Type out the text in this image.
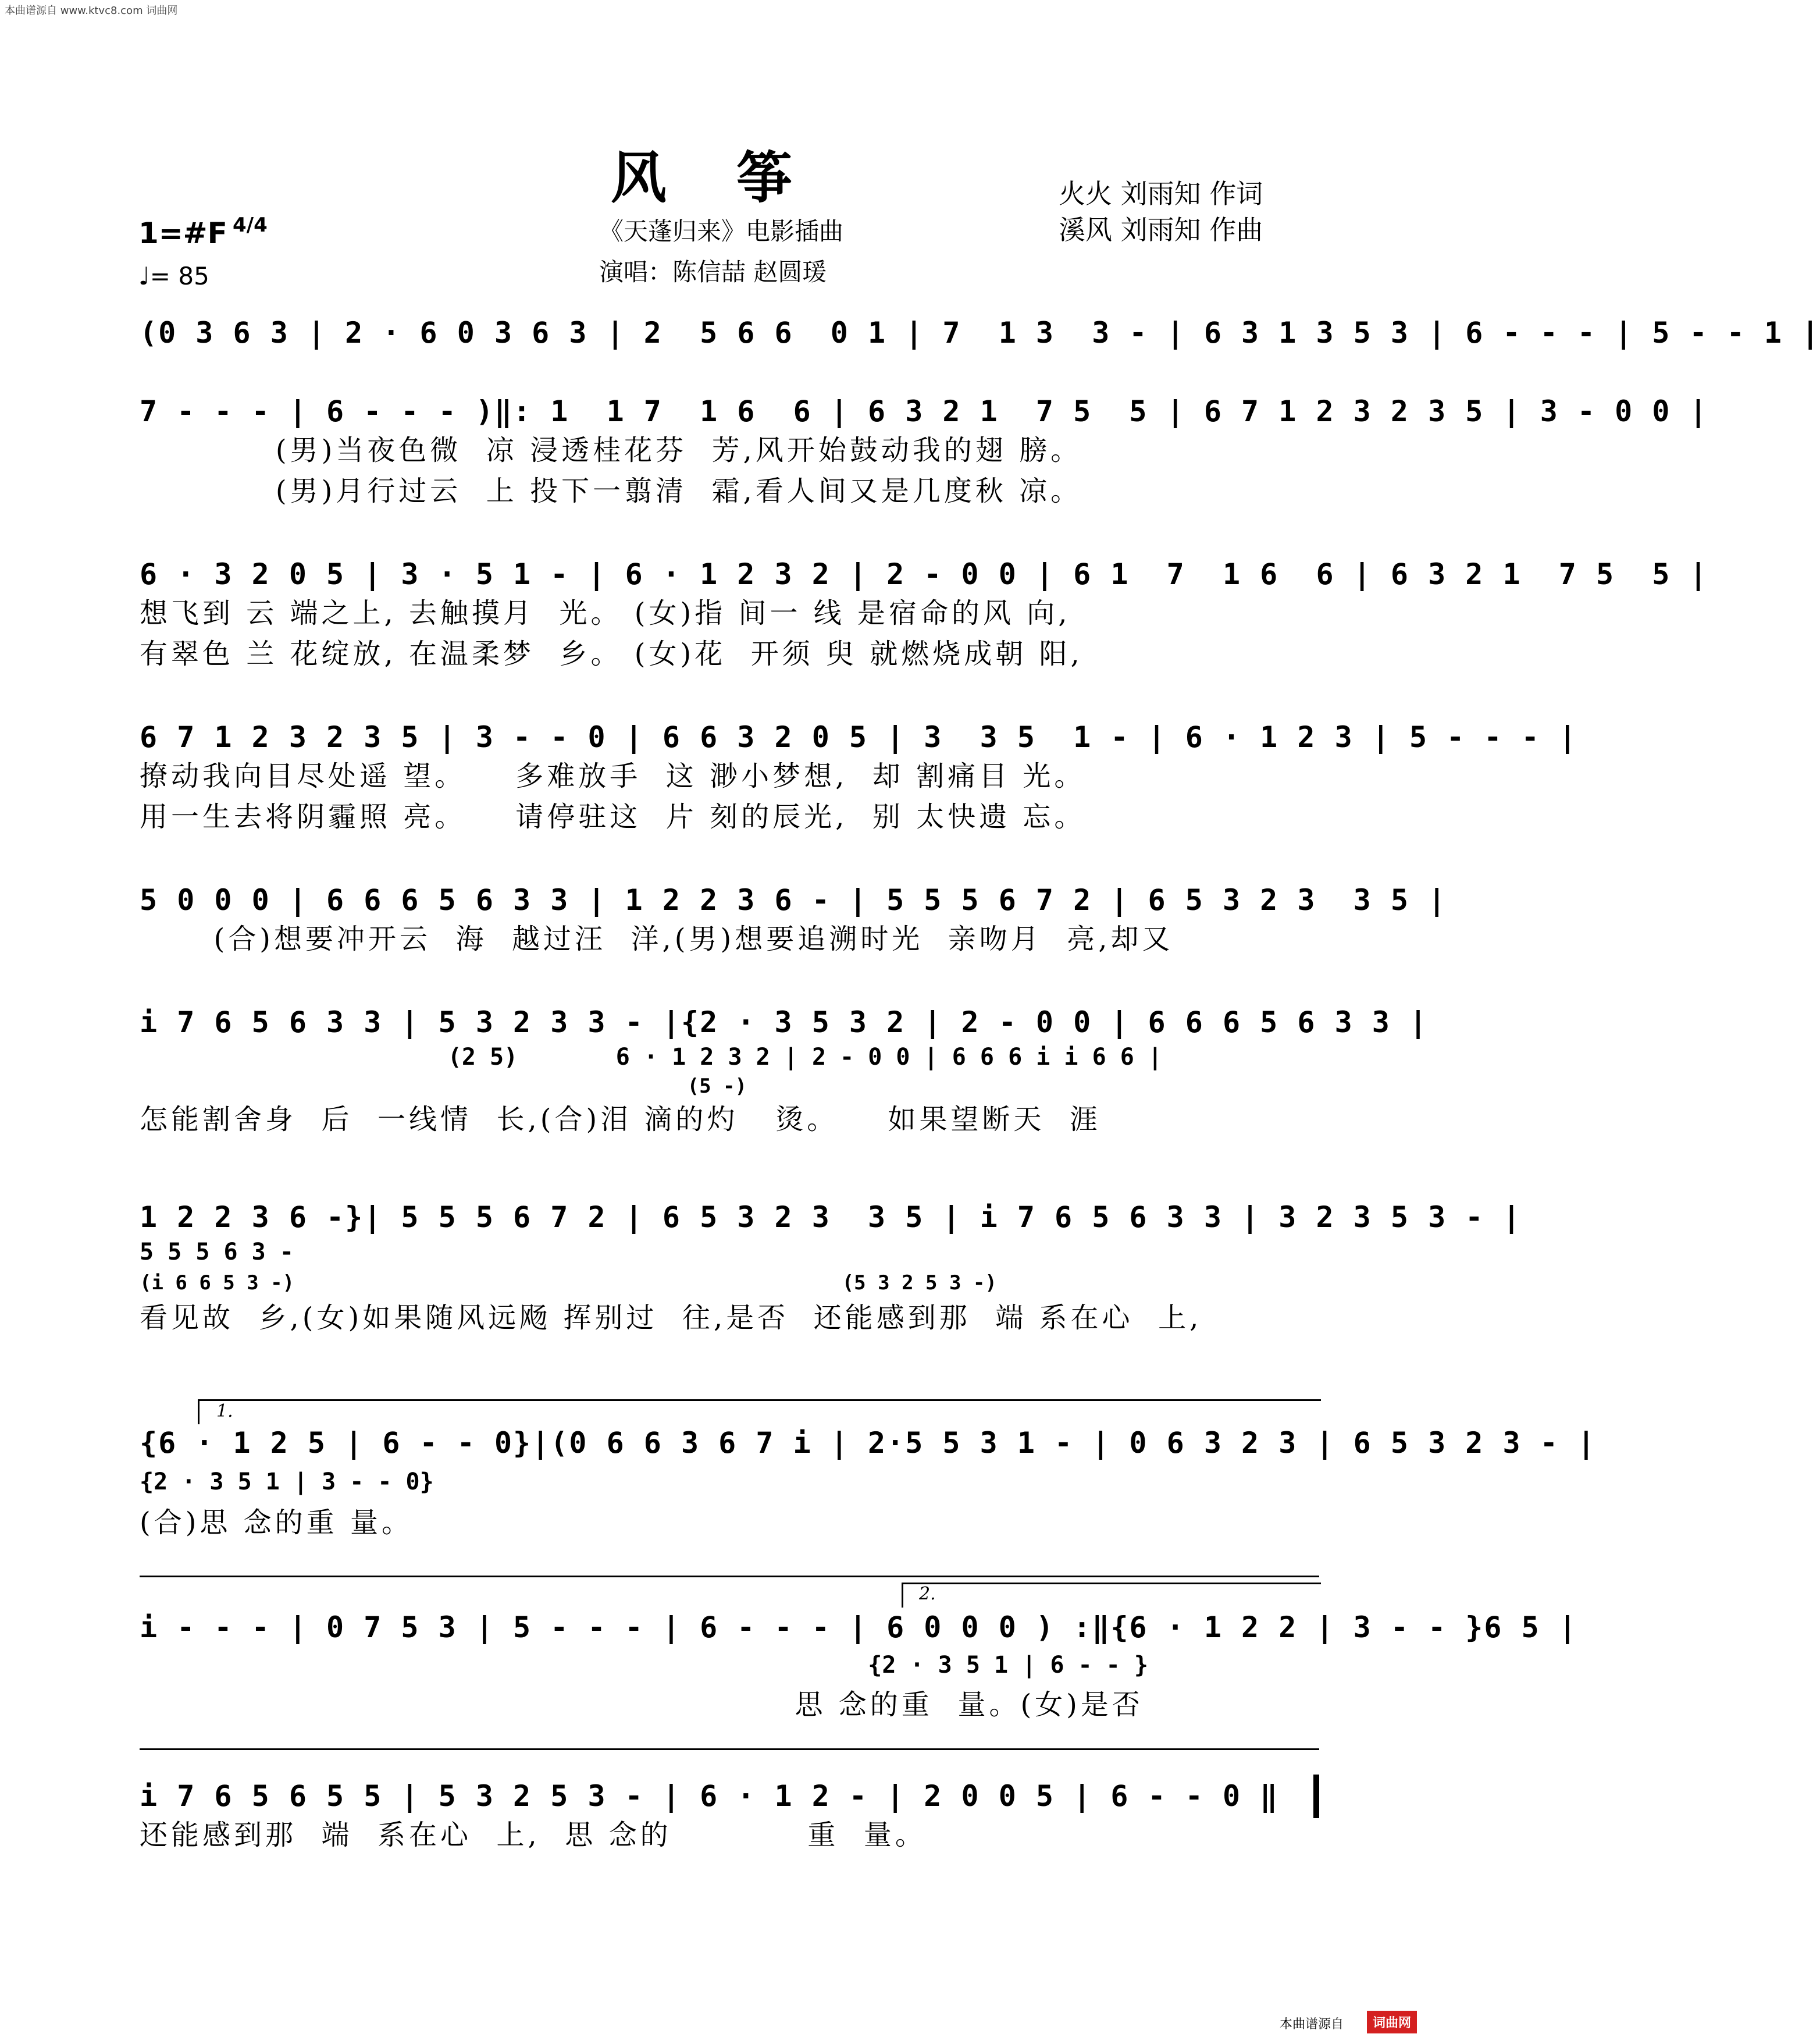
本曲谱源自 www.ktvc8.com 词曲网
风筝	火火 刘雨知 作词
溪风 刘雨知 作曲
《天蓬归来》电影插曲
演唱：陈信喆 赵圆瑗
1=#F 4/4
♩= 85
(0 3 6 3 | 2 · 6 0 3 6 3 | 2  5 6 6  0 1 | 7  1 3  3 - | 6 3 1 3 5 3 | 6 - - - | 5 - - 1 |
7 - - - | 6 - - - )‖: 1  1 7  1 6  6 | 6 3 2 1  7 5  5 | 6 7 1 2 3 2 3 5 | 3 - 0 0 |
(男)当夜色微  凉 浸透桂花芬  芳,风开始鼓动我的翅 膀。
(男)月行过云  上 投下一翦清  霜,看人间又是几度秋 凉。
6 · 3 2 0 5 | 3 · 5 1 - | 6 · 1 2 3 2 | 2 - 0 0 | 6 1  7  1 6  6 | 6 3 2 1  7 5  5 |
想飞到 云 端之上, 去触摸月  光。 (女)指 间一 线 是宿命的风 向,
有翠色 兰 花绽放, 在温柔梦  乡。 (女)花  开须 臾 就燃烧成朝 阳,
6 7 1 2 3 2 3 5 | 3 - - 0 | 6 6 3 2 0 5 | 3  3 5  1 - | 6 · 1 2 3 | 5 - - - |
撩动我向目尽处遥 望。    多难放手  这 渺小梦想,  却 割痛目 光。
用一生去将阴霾照 亮。    请停驻这  片 刻的辰光,  别 太快遗 忘。
5 0 0 0 | 6 6 6 5 6 3 3 | 1 2 2 3 6 - | 5 5 5 6 7 2 | 6 5 3 2 3  3 5 |
(合)想要冲开云  海  越过汪  洋,(男)想要追溯时光  亲吻月  亮,却又
i 7 6 5 6 3 3 | 5 3 2 3 3 - |{2 · 3 5 3 2 | 2 - 0 0 | 6 6 6 5 6 3 3 |
(2 5)       6 · 1 2 3 2 | 2 - 0 0 | 6 6 6 i i 6 6 |
(5 -)
怎能割舍身  后  一线情  长,(合)泪 滴的灼   烫。    如果望断天  涯
1 2 2 3 6 -}| 5 5 5 6 7 2 | 6 5 3 2 3  3 5 | i 7 6 5 6 3 3 | 3 2 3 5 3 - |
5 5 5 6 3 -
(i 6 6 5 3 -)                                              (5 3 2 5 3 -)
看见故  乡,(女)如果随风远飏 挥别过  往,是否  还能感到那  端 系在心  上,
1.
{6 · 1 2 5 | 6 - - 0}|(0 6 6 3 6 7 i | 2·5 5 3 1 - | 0 6 3 2 3 | 6 5 3 2 3 - |
{2 · 3 5 1 | 3 - - 0}
(合)思 念的重 量。
2.
i - - - | 0 7 5 3 | 5 - - - | 6 - - - | 6 0 0 0 ) :‖{6 · 1 2 2 | 3 - - }6 5 |
{2 · 3 5 1 | 6 - - }
思 念的重  量。(女)是否
i 7 6 5 6 5 5 | 5 3 2 5 3 - | 6 · 1 2 - | 2 0 0 5 | 6 - - 0 ‖
还能感到那  端  系在心  上,  思 念的           重  量。
本曲谱源自	词曲网
